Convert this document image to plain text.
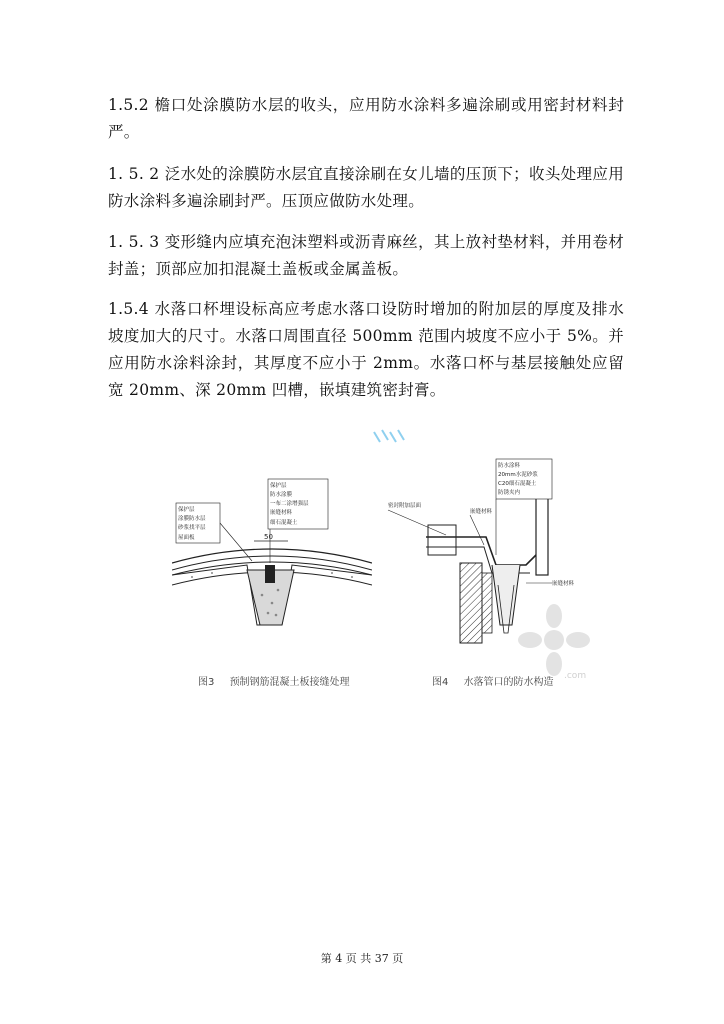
1.5.2 檐口处涂膜防水层的收头，应用防水涂料多遍涂刷或用密封材料封严。

1. 5. 2 泛水处的涂膜防水层宜直接涂刷在女儿墙的压顶下；收头处理应用防水涂料多遍涂刷封严。压顶应做防水处理。

1. 5. 3 变形缝内应填充泡沫塑料或沥青麻丝，其上放衬垫材料，并用卷材封盖；顶部应加扣混凝土盖板或金属盖板。

1.5.4 水落口杯埋设标高应考虑水落口设防时增加的附加层的厚度及排水坡度加大的尺寸。水落口周围直径 500mm 范围内坡度不应小于 5%。并应用防水涂料涂封，其厚度不应小于 2mm。水落口杯与基层接触处应留宽 20mm、深 20mm 凹槽，嵌填建筑密封膏。

50
保护层
涂膜防水层
砂浆找平层
屋面板
保护层
防水涂膜
一布二涂增强层
嵌缝材料
细石混凝土
防水涂料
20mm水泥砂浆
C20细石混凝土
防锈夹内
密封附加层面
嵌缝材料
嵌缝材料
.com
图3 预制钢筋混凝土板接缝处理	图4 水落管口的防水构造
第 4 页 共 37 页
